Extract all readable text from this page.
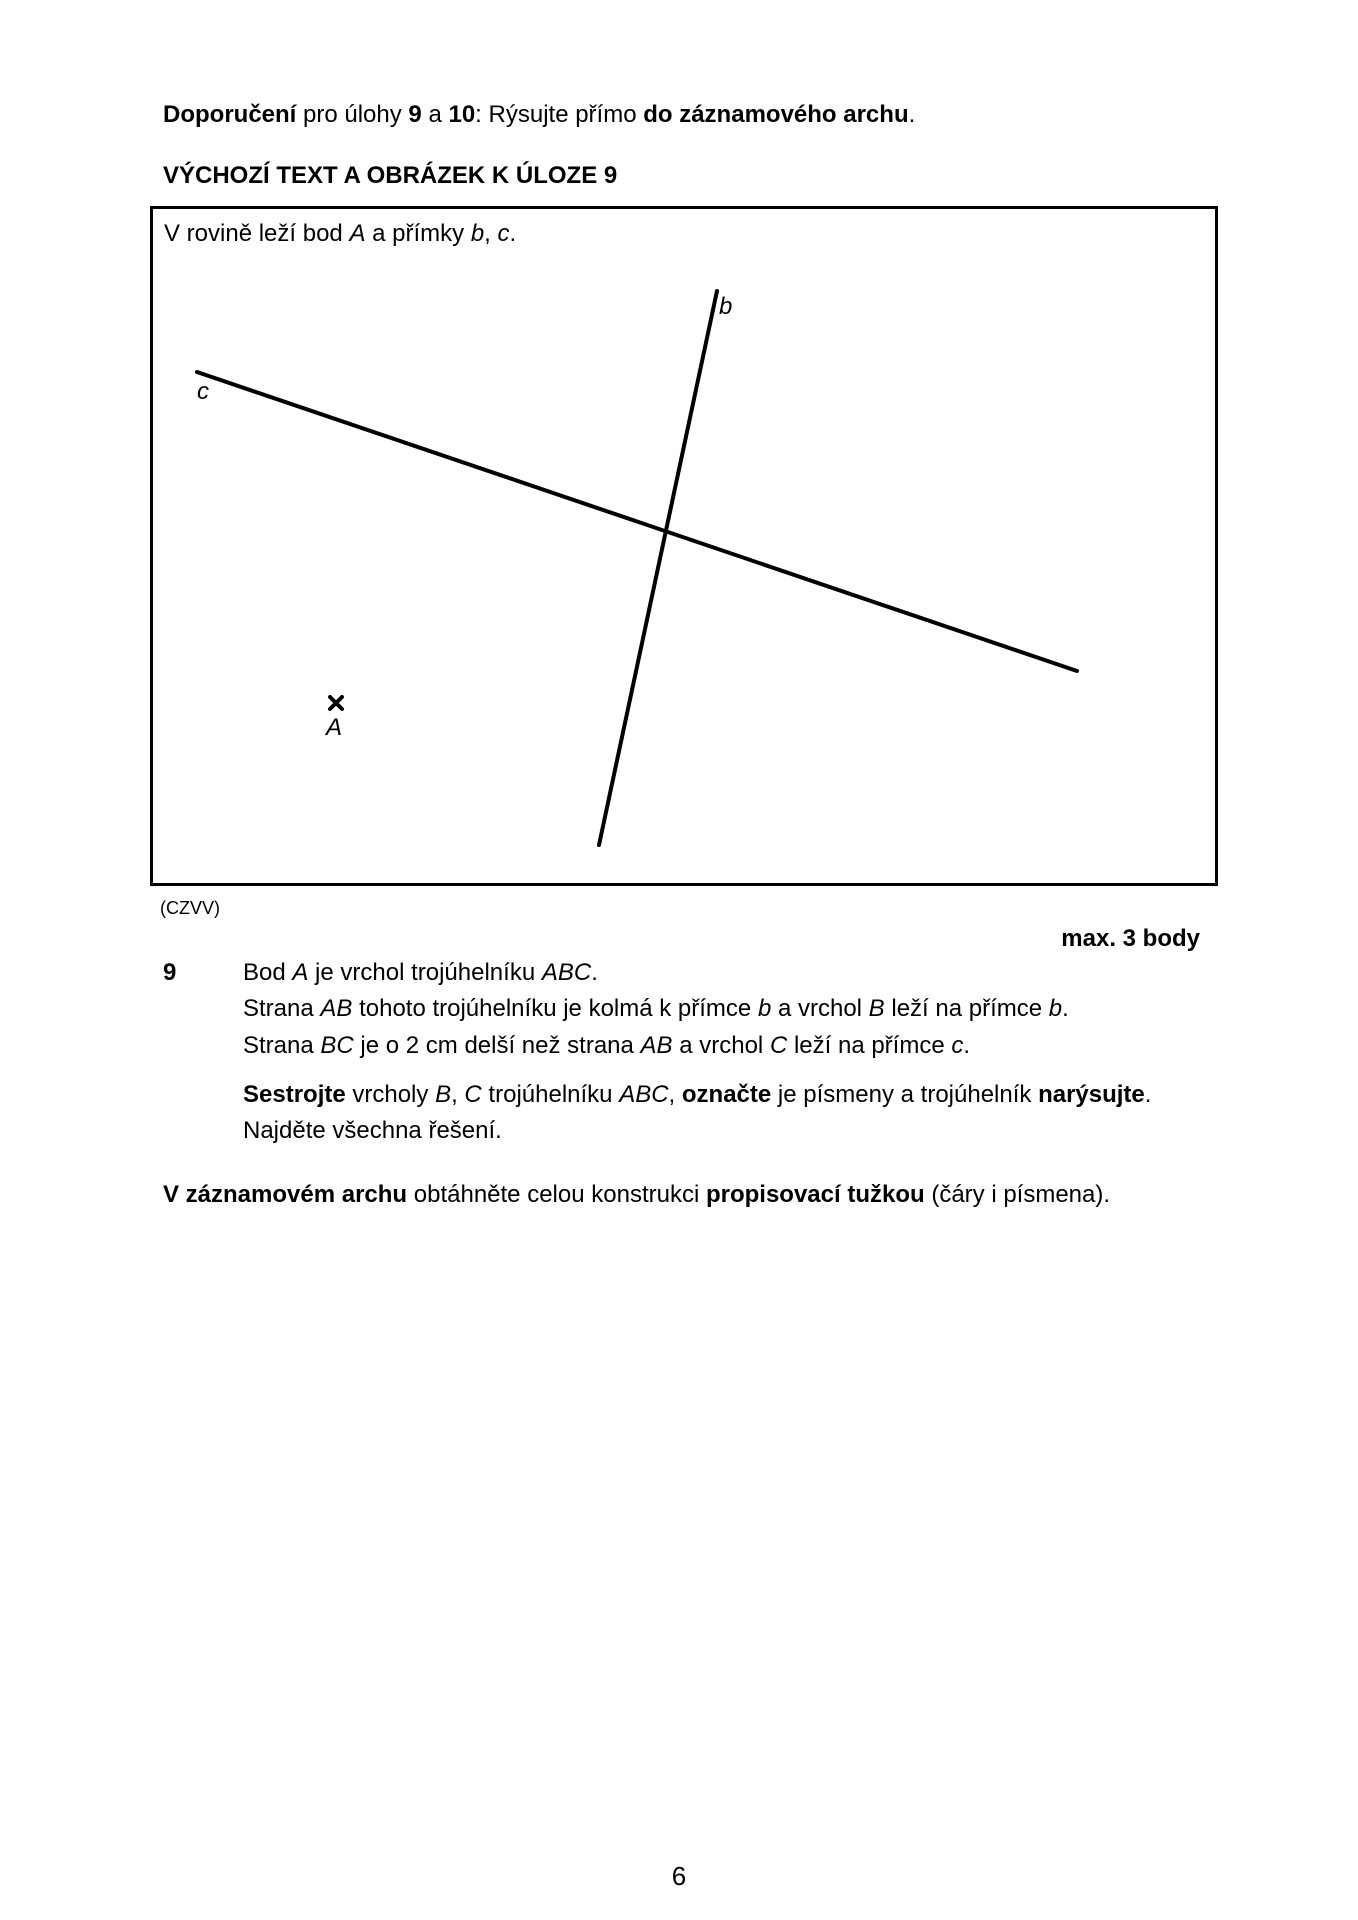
Doporučení pro úlohy 9 a 10: Rýsujte přímo do záznamového archu.
VÝCHOZÍ TEXT A OBRÁZEK K ÚLOZE 9
V rovině leží bod A a přímky b, c.
b
c
A
(CZVV)
max. 3 body
9	Bod A je vrchol trojúhelníku ABC.
Strana AB tohoto trojúhelníku je kolmá k přímce b a vrchol B leží na přímce b.
Strana BC je o 2 cm delší než strana AB a vrchol C leží na přímce c.
Sestrojte vrcholy B, C trojúhelníku ABC, označte je písmeny a trojúhelník narýsujte.
Najděte všechna řešení.
V záznamovém archu obtáhněte celou konstrukci propisovací tužkou (čáry i písmena).
6
